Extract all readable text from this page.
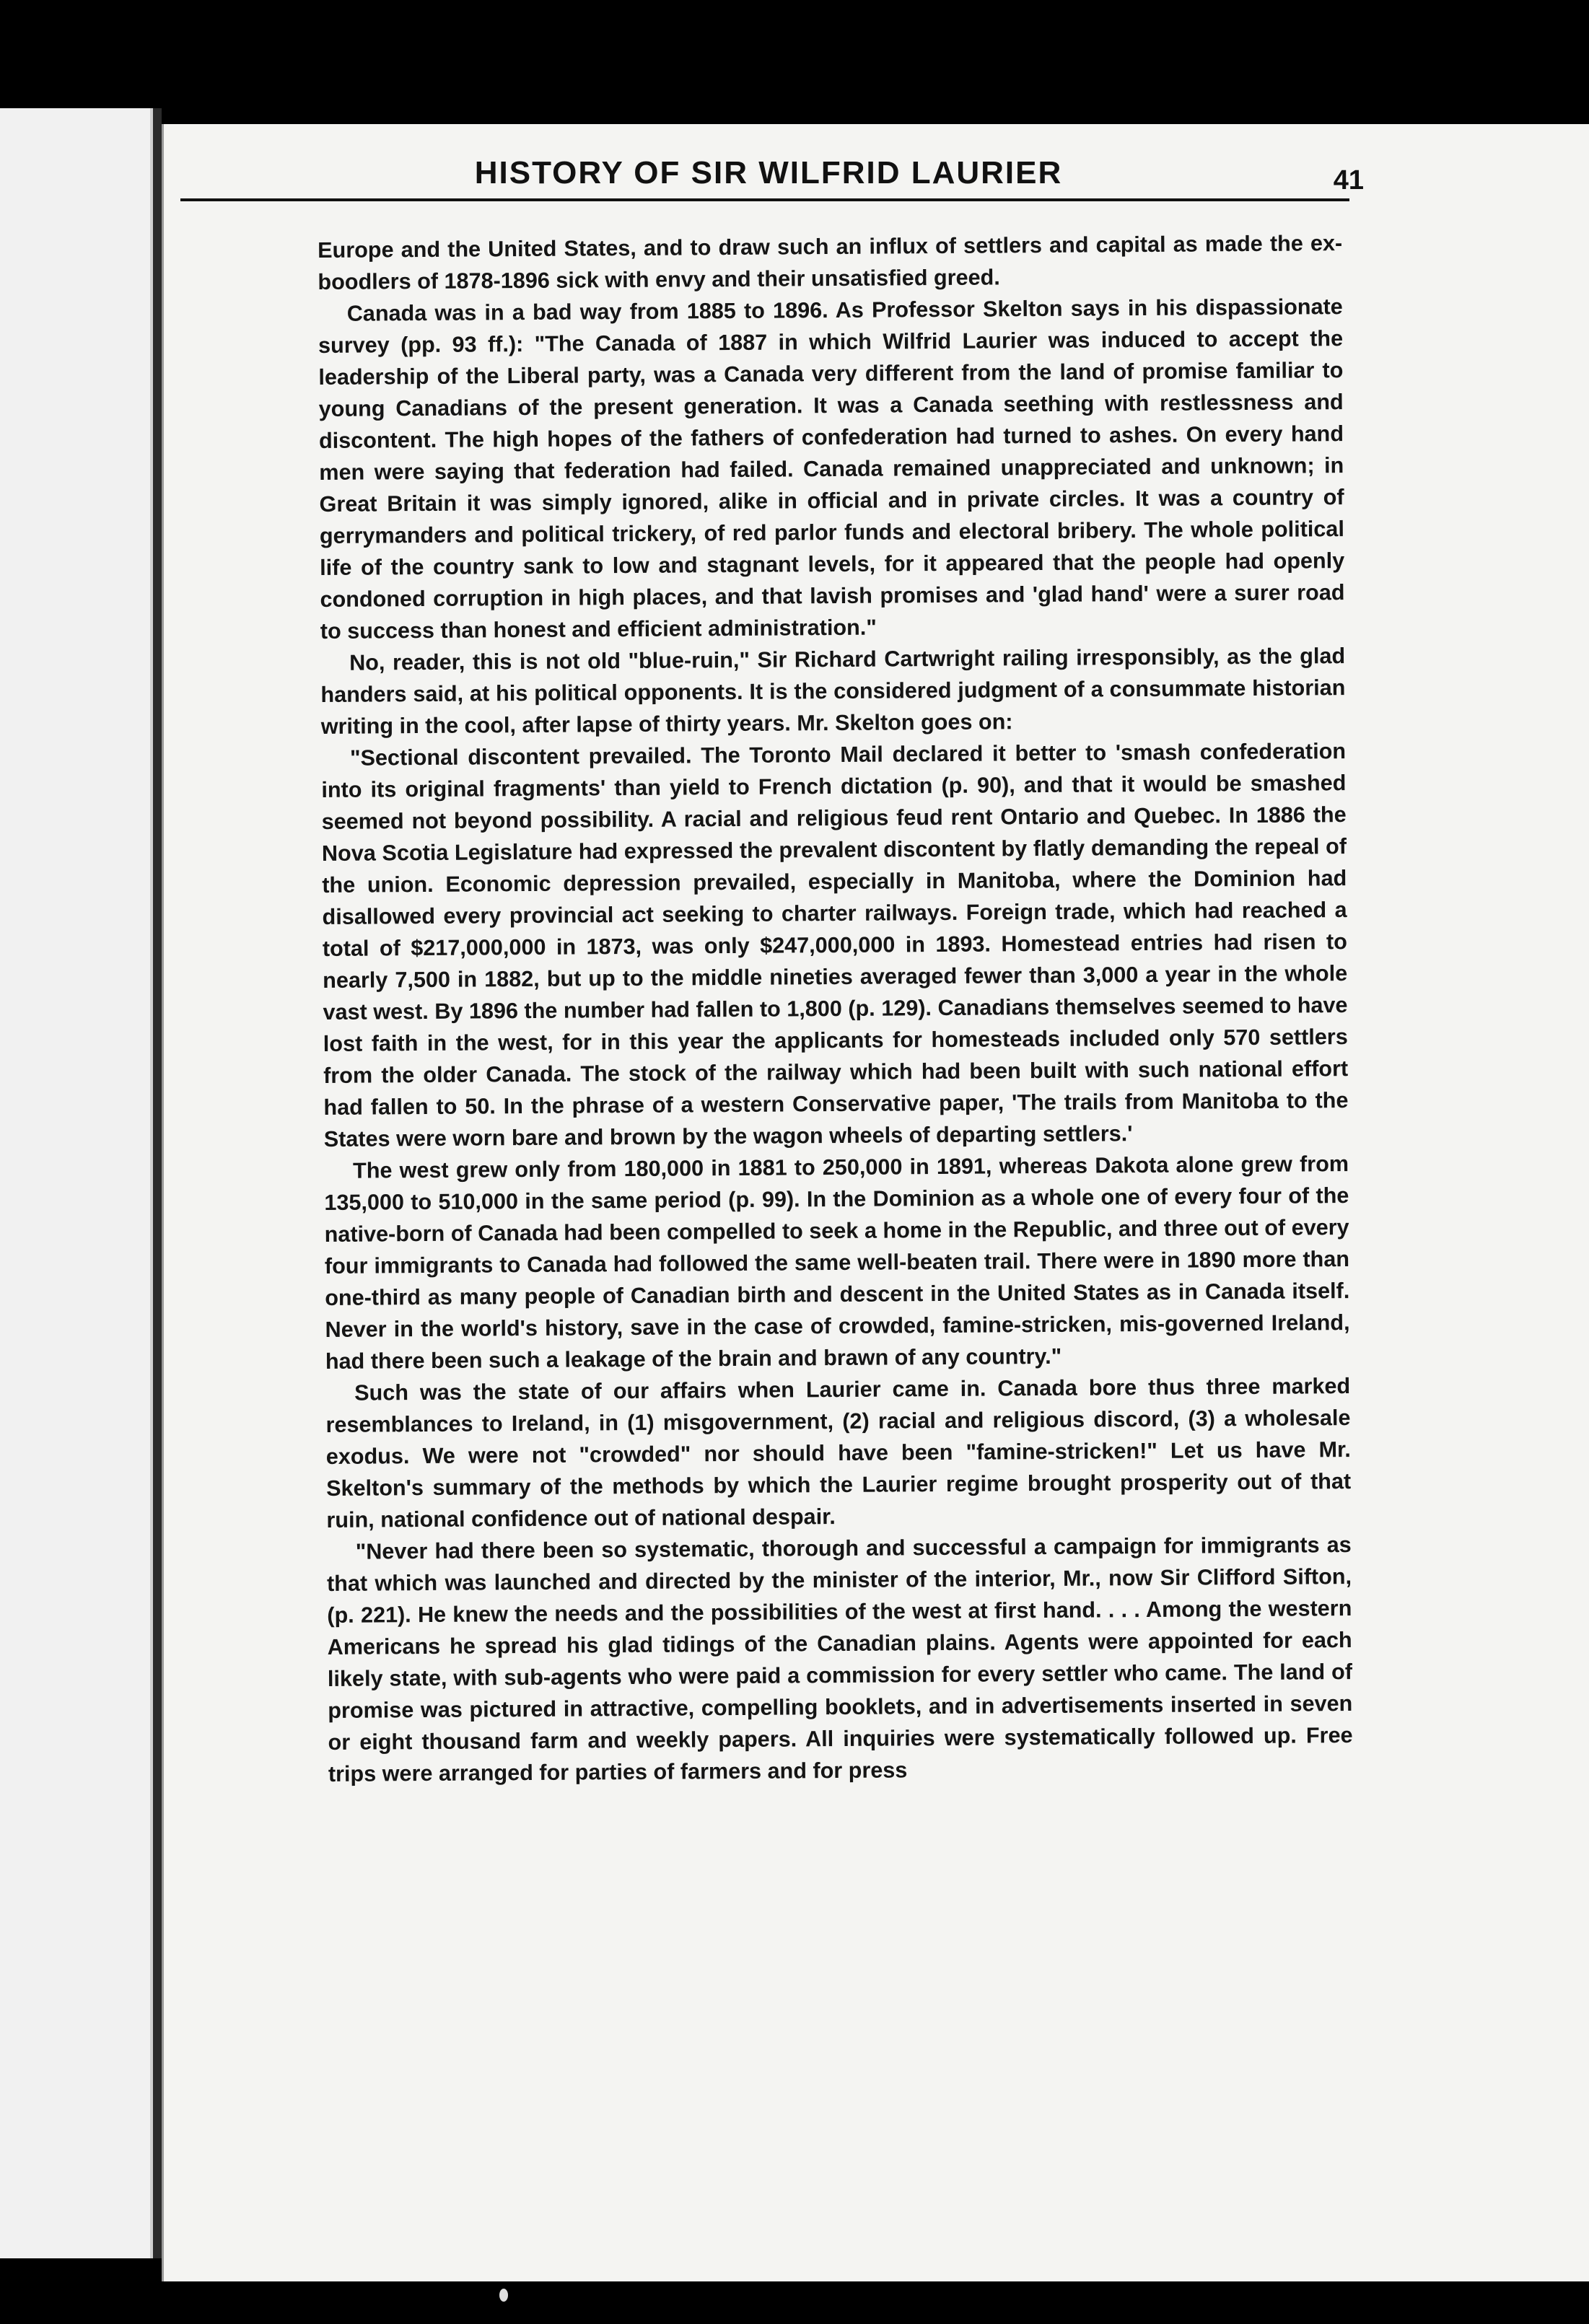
HISTORY OF SIR WILFRID LAURIER	41

Europe and the United States, and to draw such an influx of settlers and capital as made the ex-boodlers of 1878-1896 sick with envy and their unsatisfied greed.

Canada was in a bad way from 1885 to 1896. As Professor Skelton says in his dispassionate survey (pp. 93 ff.): "The Canada of 1887 in which Wilfrid Laurier was induced to accept the leadership of the Liberal party, was a Canada very different from the land of promise familiar to young Canadians of the present generation. It was a Canada seething with restlessness and discontent. The high hopes of the fathers of confederation had turned to ashes. On every hand men were saying that federation had failed. Canada remained unappreciated and unknown; in Great Britain it was simply ignored, alike in official and in private circles. It was a country of gerrymanders and political trickery, of red parlor funds and electoral bribery. The whole political life of the country sank to low and stagnant levels, for it appeared that the people had openly condoned corruption in high places, and that lavish promises and 'glad hand' were a surer road to success than honest and efficient administration."

No, reader, this is not old "blue-ruin," Sir Richard Cartwright railing irresponsibly, as the glad handers said, at his political opponents. It is the considered judgment of a consummate historian writing in the cool, after lapse of thirty years. Mr. Skelton goes on:

"Sectional discontent prevailed. The Toronto Mail declared it better to 'smash confederation into its original fragments' than yield to French dictation (p. 90), and that it would be smashed seemed not beyond possibility. A racial and religious feud rent Ontario and Quebec. In 1886 the Nova Scotia Legislature had expressed the prevalent discontent by flatly demanding the repeal of the union. Economic depression prevailed, especially in Manitoba, where the Dominion had disallowed every provincial act seeking to charter railways. Foreign trade, which had reached a total of $217,000,000 in 1873, was only $247,000,000 in 1893. Homestead entries had risen to nearly 7,500 in 1882, but up to the middle nineties averaged fewer than 3,000 a year in the whole vast west. By 1896 the number had fallen to 1,800 (p. 129). Canadians themselves seemed to have lost faith in the west, for in this year the applicants for homesteads included only 570 settlers from the older Canada. The stock of the railway which had been built with such national effort had fallen to 50. In the phrase of a western Conservative paper, 'The trails from Manitoba to the States were worn bare and brown by the wagon wheels of departing settlers.'

The west grew only from 180,000 in 1881 to 250,000 in 1891, whereas Dakota alone grew from 135,000 to 510,000 in the same period (p. 99). In the Dominion as a whole one of every four of the native-born of Canada had been compelled to seek a home in the Republic, and three out of every four immigrants to Canada had followed the same well-beaten trail. There were in 1890 more than one-third as many people of Canadian birth and descent in the United States as in Canada itself. Never in the world's history, save in the case of crowded, famine-stricken, mis-governed Ireland, had there been such a leakage of the brain and brawn of any country."

Such was the state of our affairs when Laurier came in. Canada bore thus three marked resemblances to Ireland, in (1) misgovernment, (2) racial and religious discord, (3) a wholesale exodus. We were not "crowded" nor should have been "famine-stricken!" Let us have Mr. Skelton's summary of the methods by which the Laurier regime brought prosperity out of that ruin, national confidence out of national despair.

"Never had there been so systematic, thorough and successful a campaign for immigrants as that which was launched and directed by the minister of the interior, Mr., now Sir Clifford Sifton, (p. 221). He knew the needs and the possibilities of the west at first hand. . . . Among the western Americans he spread his glad tidings of the Canadian plains. Agents were appointed for each likely state, with sub-agents who were paid a commission for every settler who came. The land of promise was pictured in attractive, compelling booklets, and in advertisements inserted in seven or eight thousand farm and weekly papers. All inquiries were systematically followed up. Free trips were arranged for parties of farmers and for press
